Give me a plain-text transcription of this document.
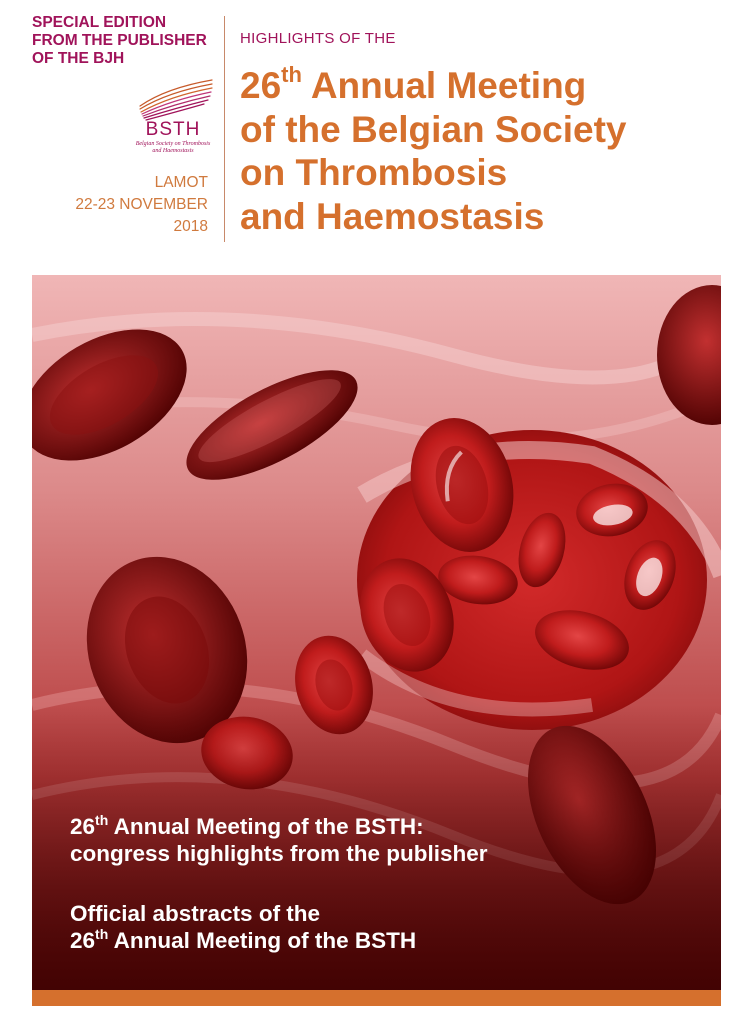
SPECIAL EDITION
FROM THE PUBLISHER
OF THE BJH
BSTH
Belgian Society on Thrombosis
and Haemostasis
LAMOT
22-23 NOVEMBER
2018
HIGHLIGHTS OF THE
26th Annual Meeting
of the Belgian Society
on Thrombosis
and Haemostasis
26th Annual Meeting of the BSTH:
congress highlights from the publisher
Official abstracts of the
26th Annual Meeting of the BSTH
